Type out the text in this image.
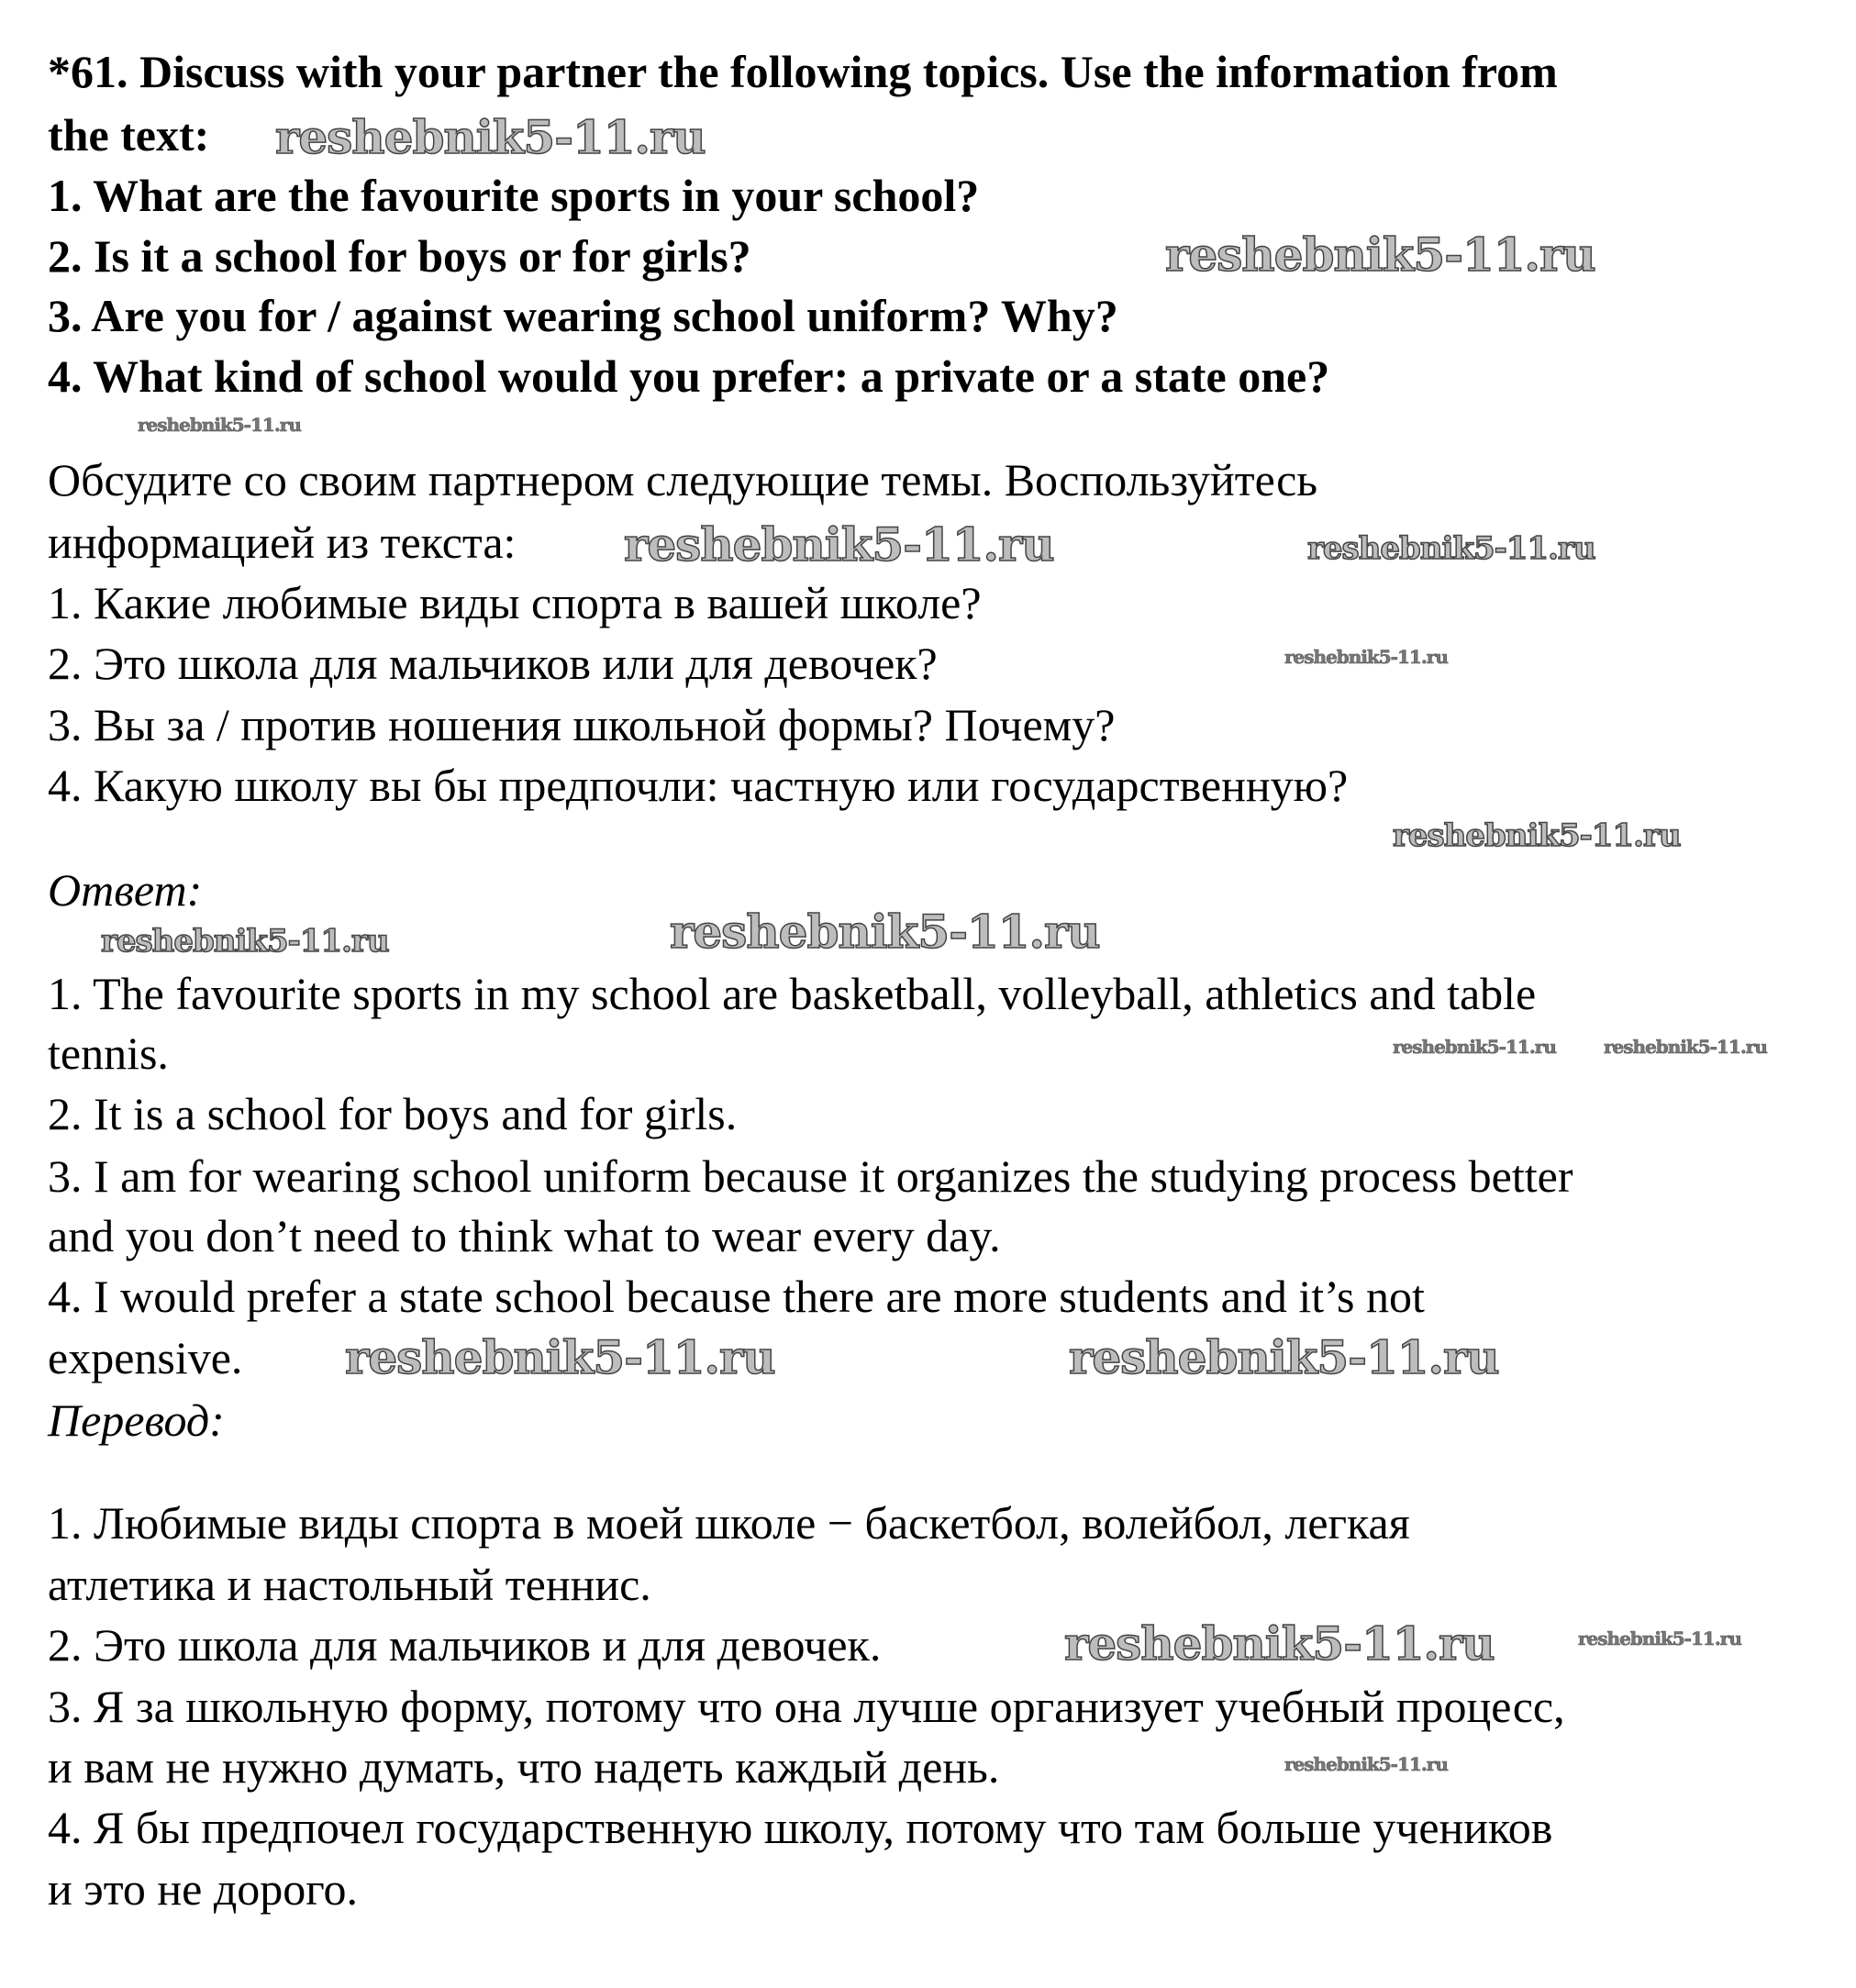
*61. Discuss with your partner the following topics. Use the information from
the text:
1. What are the favourite sports in your school?
2. Is it a school for boys or for girls?
3. Are you for / against wearing school uniform? Why?
4. What kind of school would you prefer: a private or a state one?
Обсудите со своим партнером следующие темы. Воспользуйтесь
информацией из текста:
1. Какие любимые виды спорта в вашей школе?
2. Это школа для мальчиков или для девочек?
3. Вы за / против ношения школьной формы? Почему?
4. Какую школу вы бы предпочли: частную или государственную?
Ответ:
1. The favourite sports in my school are basketball, volleyball, athletics and table
tennis.
2. It is a school for boys and for girls.
3. I am for wearing school uniform because it organizes the studying process better
and you don’t need to think what to wear every day.
4. I would prefer a state school because there are more students and it’s not
expensive.
Перевод:
1. Любимые виды спорта в моей школе − баскетбол, волейбол, легкая
атлетика и настольный теннис.
2. Это школа для мальчиков и для девочек.
3. Я за школьную форму, потому что она лучше организует учебный процесс,
и вам не нужно думать, что надеть каждый день.
4. Я бы предпочел государственную школу, потому что там больше учеников
и это не дорого.
reshebnik5-11.ru
reshebnik5-11.ru
reshebnik5-11.ru
reshebnik5-11.ru	reshebnik5-11.ru
reshebnik5-11.ru
reshebnik5-11.ru
reshebnik5-11.ru	reshebnik5-11.ru
reshebnik5-11.ru	reshebnik5-11.ru
reshebnik5-11.ru	reshebnik5-11.ru
reshebnik5-11.ru	reshebnik5-11.ru
reshebnik5-11.ru
